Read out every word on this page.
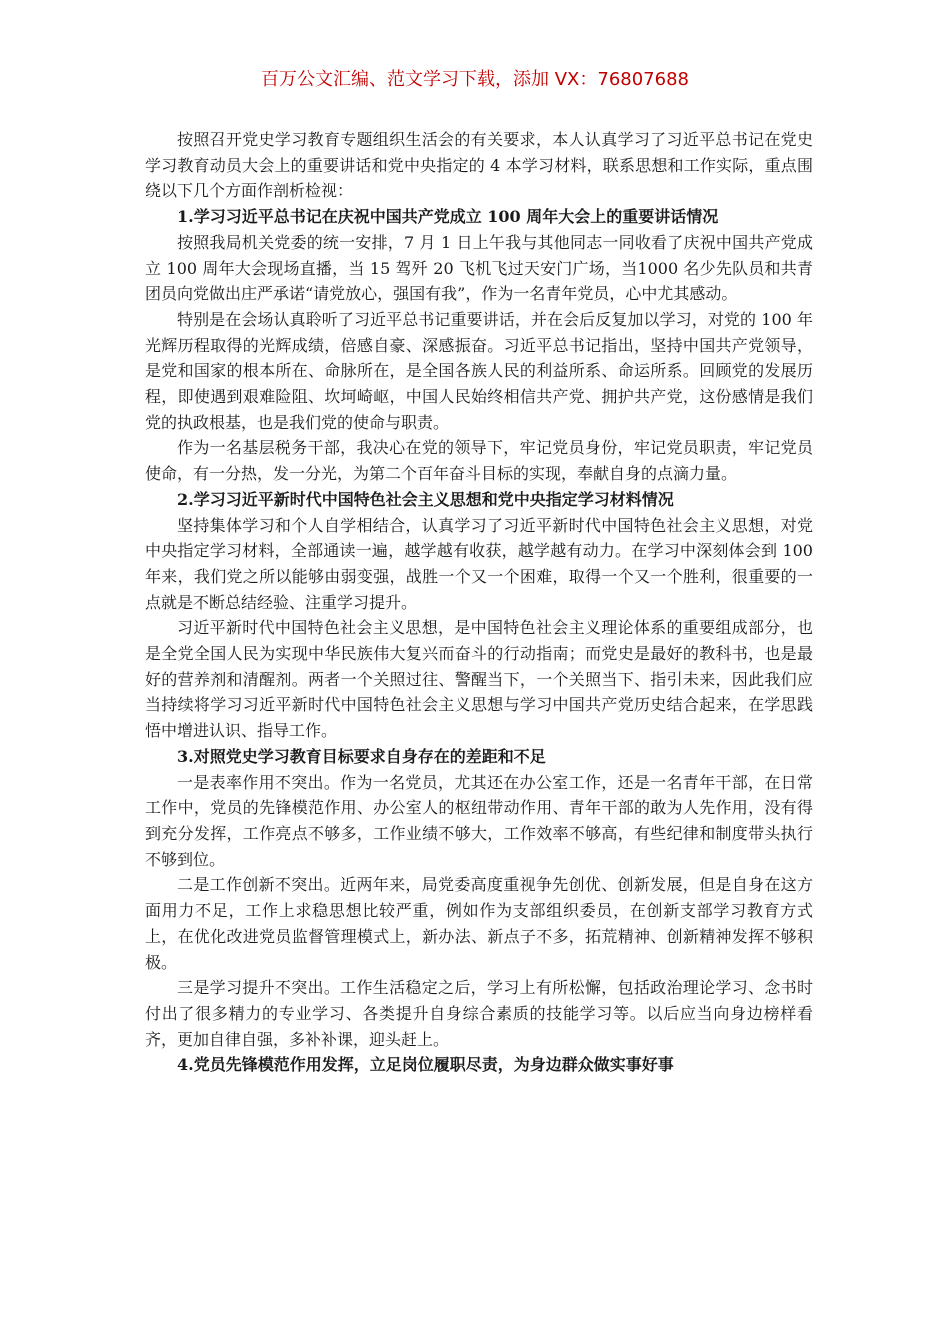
百万公文汇编、范文学习下载，添加 VX：76807688

按照召开党史学习教育专题组织生活会的有关要求，本人认真学习了习近平总书记在党史学习教育动员大会上的重要讲话和党中央指定的 4 本学习材料，联系思想和工作实际，重点围绕以下几个方面作剖析检视：

1.学习习近平总书记在庆祝中国共产党成立 100 周年大会上的重要讲话情况

按照我局机关党委的统一安排，7 月 1 日上午我与其他同志一同收看了庆祝中国共产党成立 100 周年大会现场直播，当 15 驾歼 20 飞机飞过天安门广场，当1000 名少先队员和共青团员向党做出庄严承诺“请党放心，强国有我”，作为一名青年党员，心中尤其感动。

特别是在会场认真聆听了习近平总书记重要讲话，并在会后反复加以学习，对党的 100 年光辉历程取得的光辉成绩，倍感自豪、深感振奋。习近平总书记指出，坚持中国共产党领导，是党和国家的根本所在、命脉所在，是全国各族人民的利益所系、命运所系。回顾党的发展历程，即使遇到艰难险阻、坎坷崎岖，中国人民始终相信共产党、拥护共产党，这份感情是我们党的执政根基，也是我们党的使命与职责。

作为一名基层税务干部，我决心在党的领导下，牢记党员身份，牢记党员职责，牢记党员使命，有一分热，发一分光，为第二个百年奋斗目标的实现，奉献自身的点滴力量。

2.学习习近平新时代中国特色社会主义思想和党中央指定学习材料情况

坚持集体学习和个人自学相结合，认真学习了习近平新时代中国特色社会主义思想，对党中央指定学习材料，全部通读一遍，越学越有收获，越学越有动力。在学习中深刻体会到 100 年来，我们党之所以能够由弱变强，战胜一个又一个困难，取得一个又一个胜利，很重要的一点就是不断总结经验、注重学习提升。

习近平新时代中国特色社会主义思想，是中国特色社会主义理论体系的重要组成部分，也是全党全国人民为实现中华民族伟大复兴而奋斗的行动指南；而党史是最好的教科书，也是最好的营养剂和清醒剂。两者一个关照过往、警醒当下，一个关照当下、指引未来，因此我们应当持续将学习习近平新时代中国特色社会主义思想与学习中国共产党历史结合起来，在学思践悟中增进认识、指导工作。

3.对照党史学习教育目标要求自身存在的差距和不足

一是表率作用不突出。作为一名党员，尤其还在办公室工作，还是一名青年干部，在日常工作中，党员的先锋模范作用、办公室人的枢纽带动作用、青年干部的敢为人先作用，没有得到充分发挥，工作亮点不够多，工作业绩不够大，工作效率不够高，有些纪律和制度带头执行不够到位。

二是工作创新不突出。近两年来，局党委高度重视争先创优、创新发展，但是自身在这方面用力不足，工作上求稳思想比较严重，例如作为支部组织委员，在创新支部学习教育方式上，在优化改进党员监督管理模式上，新办法、新点子不多，拓荒精神、创新精神发挥不够积极。

三是学习提升不突出。工作生活稳定之后，学习上有所松懈，包括政治理论学习、念书时付出了很多精力的专业学习、各类提升自身综合素质的技能学习等。以后应当向身边榜样看齐，更加自律自强，多补补课，迎头赶上。

4.党员先锋模范作用发挥，立足岗位履职尽责，为身边群众做实事好事
